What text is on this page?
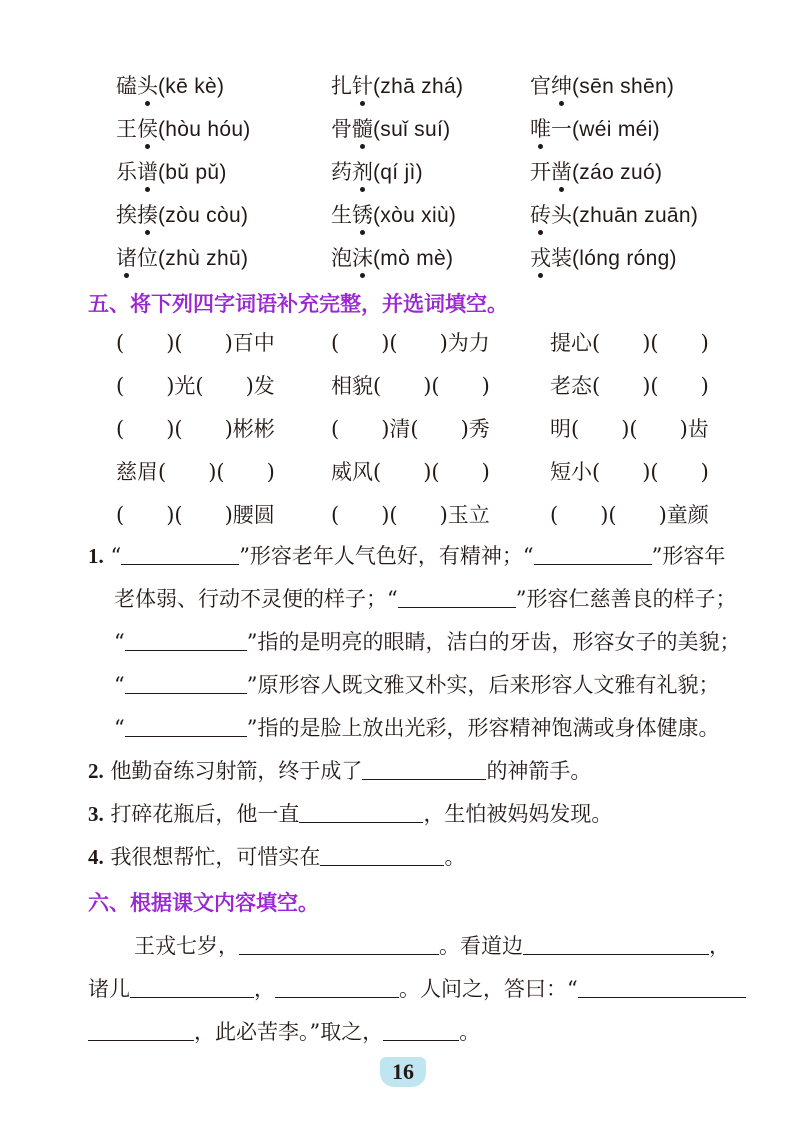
磕头(kē kè)	扎针(zhā zhá)	官绅(sēn shēn)
王侯(hòu hóu)	骨髓(suǐ suí)	唯一(wéi méi)
乐谱(bǔ pǔ)	药剂(qí jì)	开凿(záo zuó)
挨揍(zòu còu)	生锈(xòu xiù)	砖头(zhuān zuān)
诸位(zhù zhū)	泡沫(mò mè)	戎装(lóng róng)
五、将下列四字词语补充完整，并选词填空。
(　　)(　　)百中	(　　)(　　)为力	提心(　　)(　　)
(　　)光(　　)发	相貌(　　)(　　)	老态(　　)(　　)
(　　)(　　)彬彬	(　　)清(　　)秀	明(　　)(　　)齿
慈眉(　　)(　　)	威风(　　)(　　)	短小(　　)(　　)
(　　)(　　)腰圆	(　　)(　　)玉立	(　　)(　　)童颜
1. “	”形容老年人气色好，有精神；“	”形容年
老体弱、行动不灵便的样子；“	”形容仁慈善良的样子；
“	”指的是明亮的眼睛，洁白的牙齿，形容女子的美貌；
“	”原形容人既文雅又朴实，后来形容人文雅有礼貌；
“	”指的是脸上放出光彩，形容精神饱满或身体健康。
2. 他勤奋练习射箭，终于成了	的神箭手。
3. 打碎花瓶后，他一直	，生怕被妈妈发现。
4. 我很想帮忙，可惜实在	。
六、根据课文内容填空。
王戎七岁，	。看道边	，
诸儿	，	。人问之，答曰：“
，此必苦李。”取之，	。
16
